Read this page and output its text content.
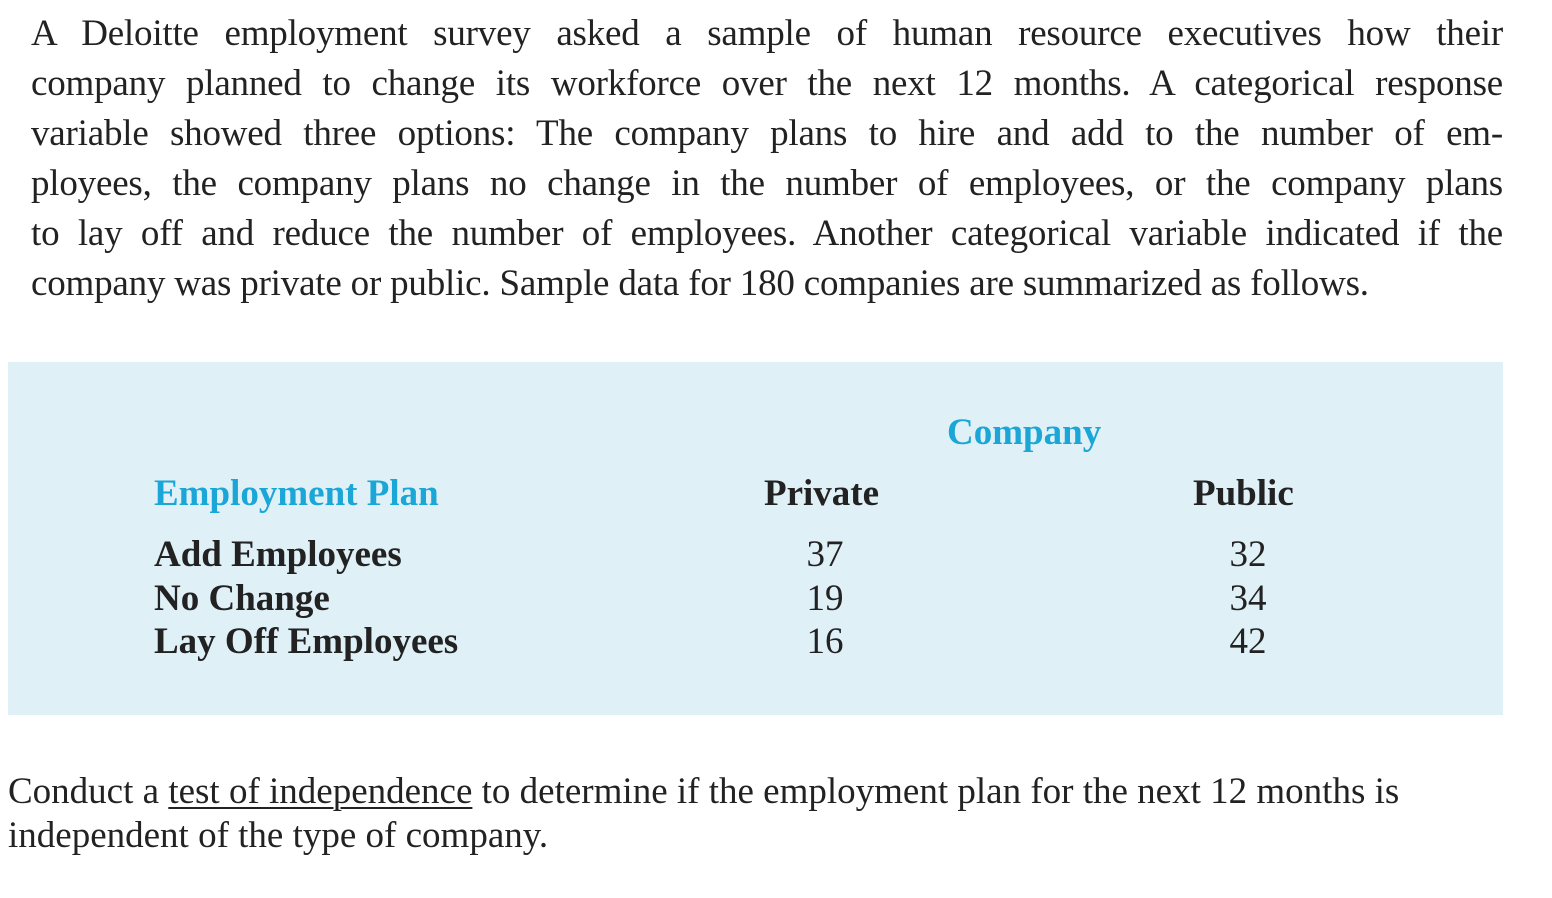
A Deloitte employment survey asked a sample of human resource executives how their
company planned to change its workforce over the next 12 months. A categorical response
variable showed three options: The company plans to hire and add to the number of em-
ployees, the company plans no change in the number of employees, or the company plans
to lay off and reduce the number of employees. Another categorical variable indicated if the
company was private or public. Sample data for 180 companies are summarized as follows.
Company
Employment Plan	Private	Public
Add Employees	37	32
No Change	19	34
Lay Off Employees	16	42
Conduct a test of independence to determine if the employment plan for the next 12 months is
independent of the type of company.
